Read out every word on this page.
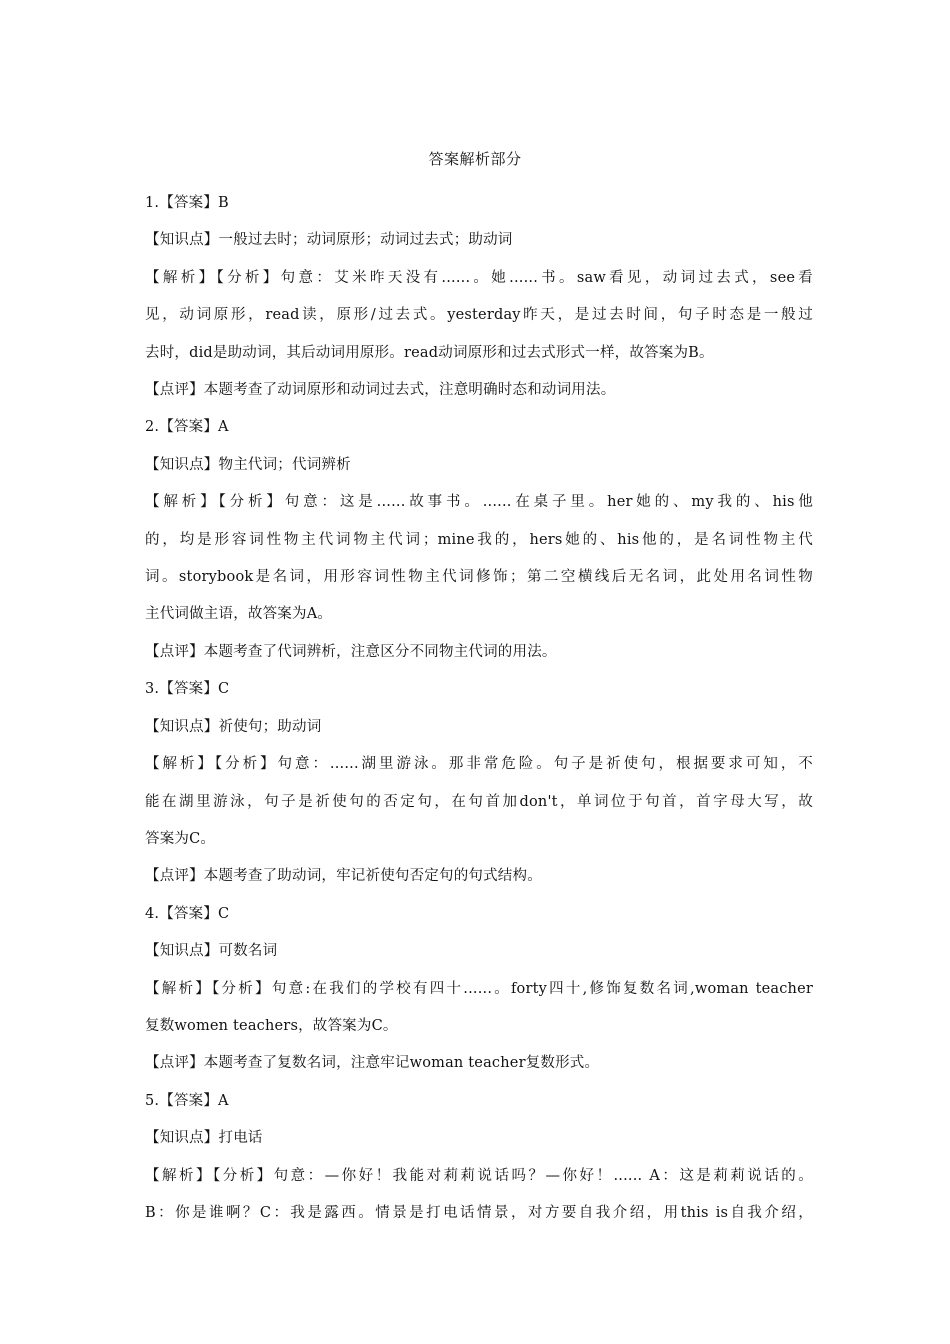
答案解析部分
1.【答案】B
【知识点】一般过去时；动词原形；动词过去式；助动词
【解析】【分析】句意：艾米昨天没有......。她......书。saw看见，动词过去式，see看
见，动词原形，read读，原形/过去式。yesterday昨天，是过去时间，句子时态是一般过
去时，did是助动词，其后动词用原形。read动词原形和过去式形式一样，故答案为B。
【点评】本题考查了动词原形和动词过去式，注意明确时态和动词用法。
2.【答案】A
【知识点】物主代词；代词辨析
【解析】【分析】句意：这是......故事书。......在桌子里。her她的、my我的、his他
的，均是形容词性物主代词物主代词；mine我的，hers她的、his他的，是名词性物主代
词。storybook是名词，用形容词性物主代词修饰；第二空横线后无名词，此处用名词性物
主代词做主语，故答案为A。
【点评】本题考查了代词辨析，注意区分不同物主代词的用法。
3.【答案】C
【知识点】祈使句；助动词
【解析】【分析】句意：......湖里游泳。那非常危险。句子是祈使句，根据要求可知，不
能在湖里游泳，句子是祈使句的否定句，在句首加don't，单词位于句首，首字母大写，故
答案为C。
【点评】本题考查了助动词，牢记祈使句否定句的句式结构。
4.【答案】C
【知识点】可数名词
【解析】【分析】句意:在我们的学校有四十......。forty四十,修饰复数名词,woman teacher
复数women teachers，故答案为C。
【点评】本题考查了复数名词，注意牢记woman teacher复数形式。
5.【答案】A
【知识点】打电话
【解析】【分析】句意：—你好！我能对莉莉说话吗？—你好！...... A：这是莉莉说话的。
B：你是谁啊？C：我是露西。情景是打电话情景，对方要自我介绍，用this is自我介绍，
